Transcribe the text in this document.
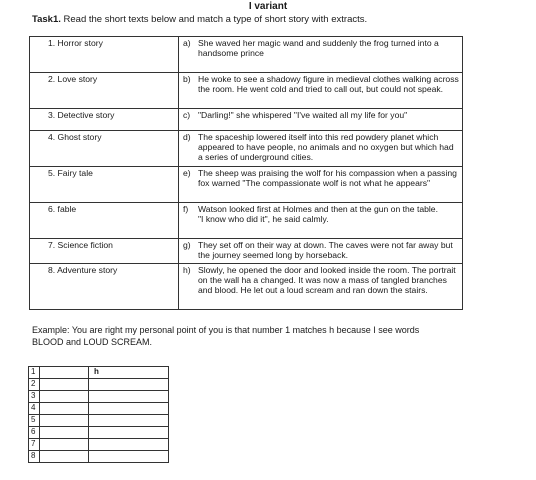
I variant
Task1. Read the short texts below and match a type of short story with extracts.
1. Horror story	a) She waved her magic wand and suddenly the frog turned into a handsome prince

2. Love story	b) He woke to see a shadowy figure in medieval clothes walking across the room. He went cold and tried to call out, but could not speak.

3. Detective story	c) "Darling!" she whispered "I've waited all my life for you"

4. Ghost story	d) The spaceship lowered itself into this red powdery planet which appeared to have people, no animals and no oxygen but which had a series of underground cities.

5. Fairy tale	e) The sheep was praising the wolf for his compassion when a passing fox warned "The compassionate wolf is not what he appears"

6. fable	f) Watson looked first at Holmes and then at the gun on the table.
"I know who did it", he said calmly.

7. Science fiction	g) They set off on their way at down. The caves were not far away but the journey seemed long by horseback.

8. Adventure story	h) Slowly, he opened the door and looked inside the room. The portrait on the wall ha a changed. It was now a mass of tangled branches and blood. He let out a loud scream and ran down the stairs.
Example: You are right my personal point of you is that number 1 matches h because I see words BLOOD and LOUD SCREAM.
1		h
2		
3		
4		
5		
6		
7		
8		
